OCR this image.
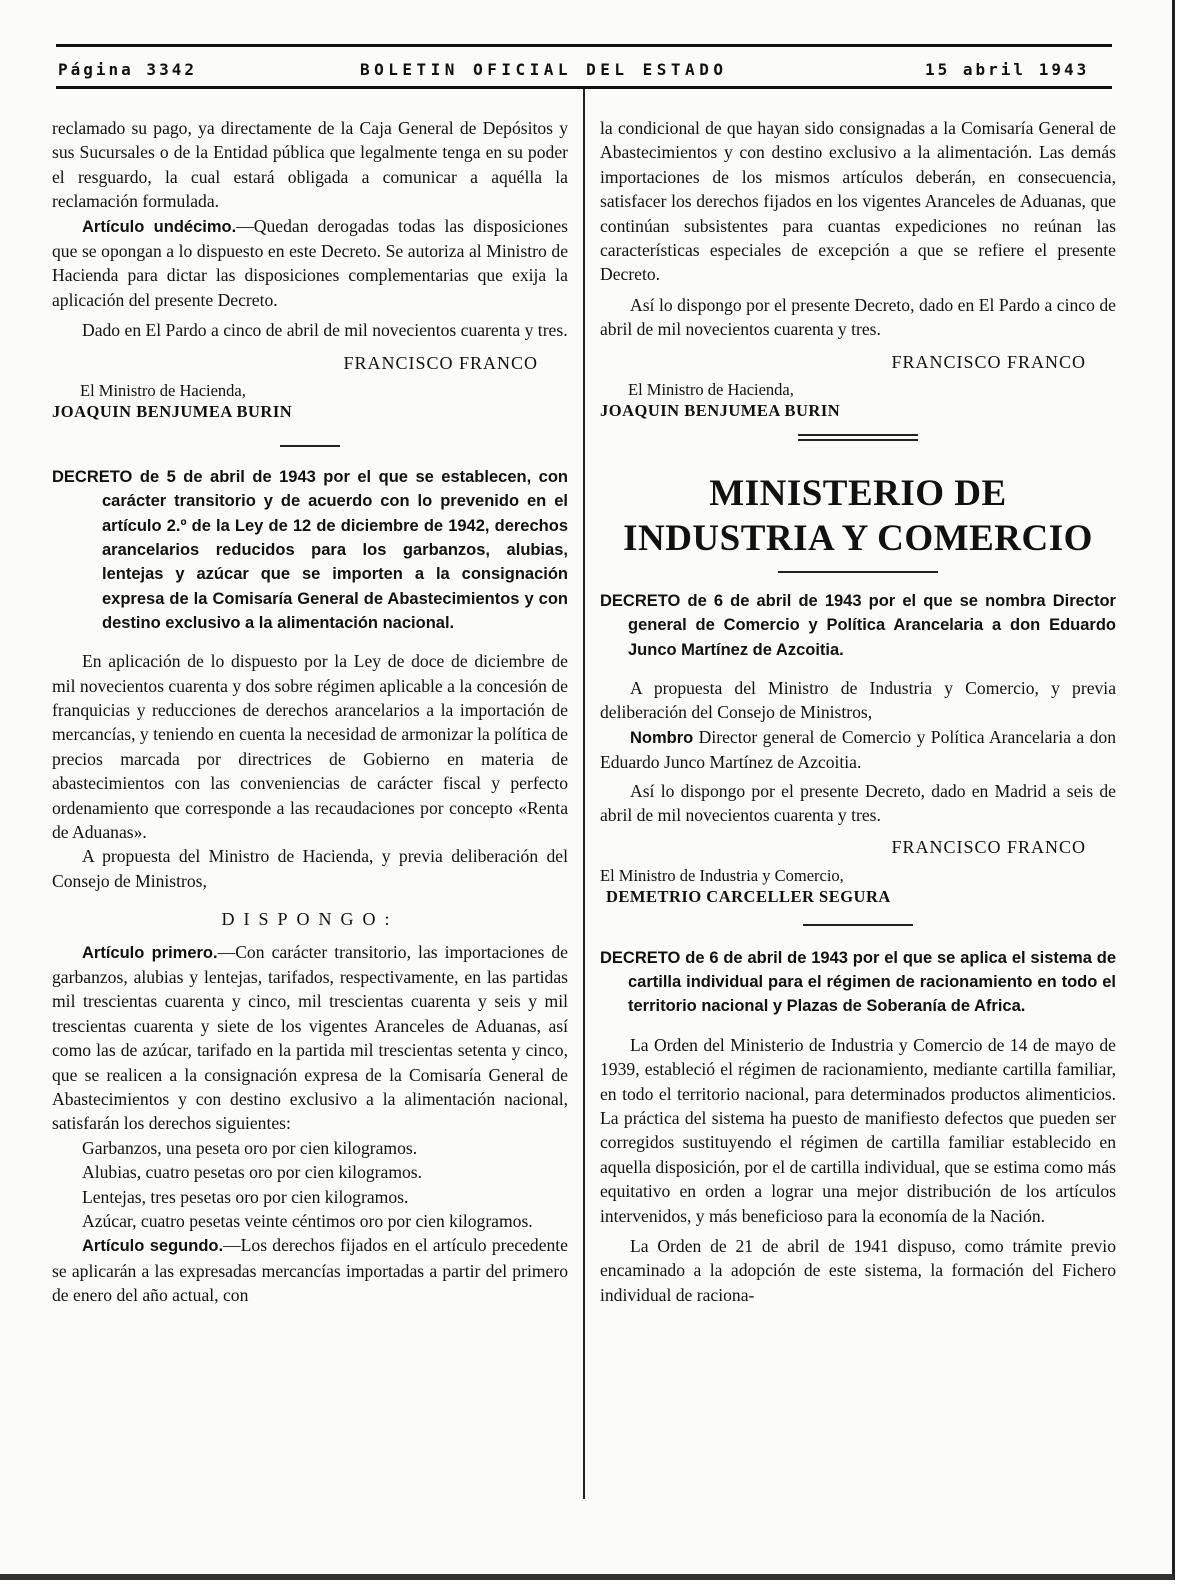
Página 3342	BOLETIN OFICIAL DEL ESTADO	15 abril 1943

reclamado su pago, ya directamente de la Caja General de Depósitos y sus Sucursales o de la Entidad pública que legalmente tenga en su poder el resguardo, la cual estará obligada a comunicar a aquélla la reclamación formulada.

Artículo undécimo.—Quedan derogadas todas las disposiciones que se opongan a lo dispuesto en este Decreto. Se autoriza al Ministro de Hacienda para dictar las disposiciones complementarias que exija la aplicación del presente Decreto.

Dado en El Pardo a cinco de abril de mil novecientos cuarenta y tres.

FRANCISCO FRANCO
El Ministro de Hacienda,
JOAQUIN BENJUMEA BURIN

DECRETO de 5 de abril de 1943 por el que se establecen, con carácter transitorio y de acuerdo con lo prevenido en el artículo 2.º de la Ley de 12 de diciembre de 1942, derechos arancelarios reducidos para los garbanzos, alubias, lentejas y azúcar que se importen a la consignación expresa de la Comisaría General de Abastecimientos y con destino exclusivo a la alimentación nacional.

En aplicación de lo dispuesto por la Ley de doce de diciembre de mil novecientos cuarenta y dos sobre régimen aplicable a la concesión de franquicias y reducciones de derechos arancelarios a la importación de mercancías, y teniendo en cuenta la necesidad de armonizar la política de precios marcada por directrices de Gobierno en materia de abastecimientos con las conveniencias de carácter fiscal y perfecto ordenamiento que corresponde a las recaudaciones por concepto «Renta de Aduanas».

A propuesta del Ministro de Hacienda, y previa deliberación del Consejo de Ministros,

DISPONGO:

Artículo primero.—Con carácter transitorio, las importaciones de garbanzos, alubias y lentejas, tarifados, respectivamente, en las partidas mil trescientas cuarenta y cinco, mil trescientas cuarenta y seis y mil trescientas cuarenta y siete de los vigentes Aranceles de Aduanas, así como las de azúcar, tarifado en la partida mil trescientas setenta y cinco, que se realicen a la consignación expresa de la Comisaría General de Abastecimientos y con destino exclusivo a la alimentación nacional, satisfarán los derechos siguientes:

Garbanzos, una peseta oro por cien kilogramos.

Alubias, cuatro pesetas oro por cien kilogramos.

Lentejas, tres pesetas oro por cien kilogramos.

Azúcar, cuatro pesetas veinte céntimos oro por cien kilogramos.

Artículo segundo.—Los derechos fijados en el artículo precedente se aplicarán a las expresadas mercancías importadas a partir del primero de enero del año actual, con

la condicional de que hayan sido consignadas a la Comisaría General de Abastecimientos y con destino exclusivo a la alimentación. Las demás importaciones de los mismos artículos deberán, en consecuencia, satisfacer los derechos fijados en los vigentes Aranceles de Aduanas, que continúan subsistentes para cuantas expediciones no reúnan las características especiales de excepción a que se refiere el presente Decreto.

Así lo dispongo por el presente Decreto, dado en El Pardo a cinco de abril de mil novecientos cuarenta y tres.

FRANCISCO FRANCO
El Ministro de Hacienda,
JOAQUIN BENJUMEA BURIN
MINISTERIO DE
INDUSTRIA Y COMERCIO

DECRETO de 6 de abril de 1943 por el que se nombra Director general de Comercio y Política Arancelaria a don Eduardo Junco Martínez de Azcoitia.

A propuesta del Ministro de Industria y Comercio, y previa deliberación del Consejo de Ministros,

Nombro Director general de Comercio y Política Arancelaria a don Eduardo Junco Martínez de Azcoitia.

Así lo dispongo por el presente Decreto, dado en Madrid a seis de abril de mil novecientos cuarenta y tres.

FRANCISCO FRANCO
El Ministro de Industria y Comercio,
DEMETRIO CARCELLER SEGURA

DECRETO de 6 de abril de 1943 por el que se aplica el sistema de cartilla individual para el régimen de racionamiento en todo el territorio nacional y Plazas de Soberanía de Africa.

La Orden del Ministerio de Industria y Comercio de 14 de mayo de 1939, estableció el régimen de racionamiento, mediante cartilla familiar, en todo el territorio nacional, para determinados productos alimenticios. La práctica del sistema ha puesto de manifiesto defectos que pueden ser corregidos sustituyendo el régimen de cartilla familiar establecido en aquella disposición, por el de cartilla individual, que se estima como más equitativo en orden a lograr una mejor distribución de los artículos intervenidos, y más beneficioso para la economía de la Nación.

La Orden de 21 de abril de 1941 dispuso, como trámite previo encaminado a la adopción de este sistema, la formación del Fichero individual de raciona-
